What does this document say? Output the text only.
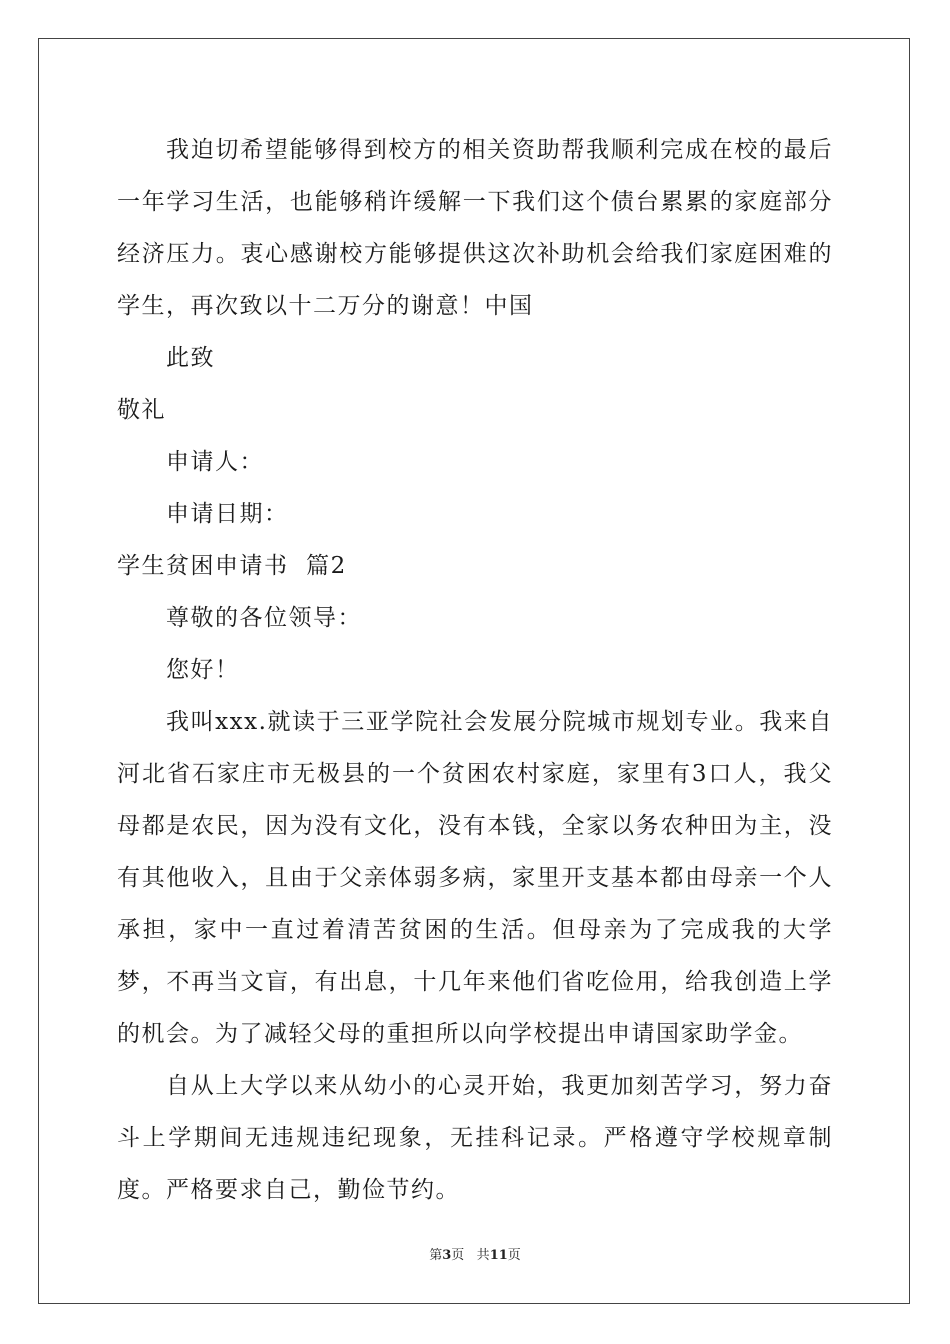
我迫切希望能够得到校方的相关资助帮我顺利完成在校的最后一年学习生活，也能够稍许缓解一下我们这个债台累累的家庭部分经济压力。衷心感谢校方能够提供这次补助机会给我们家庭困难的学生，再次致以十二万分的谢意！中国

此致

敬礼

申请人：

申请日期：

学生贫困申请书  篇2

尊敬的各位领导：

您好！

我叫xxx.就读于三亚学院社会发展分院城市规划专业。我来自河北省石家庄市无极县的一个贫困农村家庭，家里有3口人，我父母都是农民，因为没有文化，没有本钱，全家以务农种田为主，没有其他收入，且由于父亲体弱多病，家里开支基本都由母亲一个人承担，家中一直过着清苦贫困的生活。但母亲为了完成我的大学梦，不再当文盲，有出息，十几年来他们省吃俭用，给我创造上学的机会。为了减轻父母的重担所以向学校提出申请国家助学金。

自从上大学以来从幼小的心灵开始，我更加刻苦学习，努力奋斗上学期间无违规违纪现象，无挂科记录。严格遵守学校规章制度。严格要求自己，勤俭节约。

第3页 共11页
